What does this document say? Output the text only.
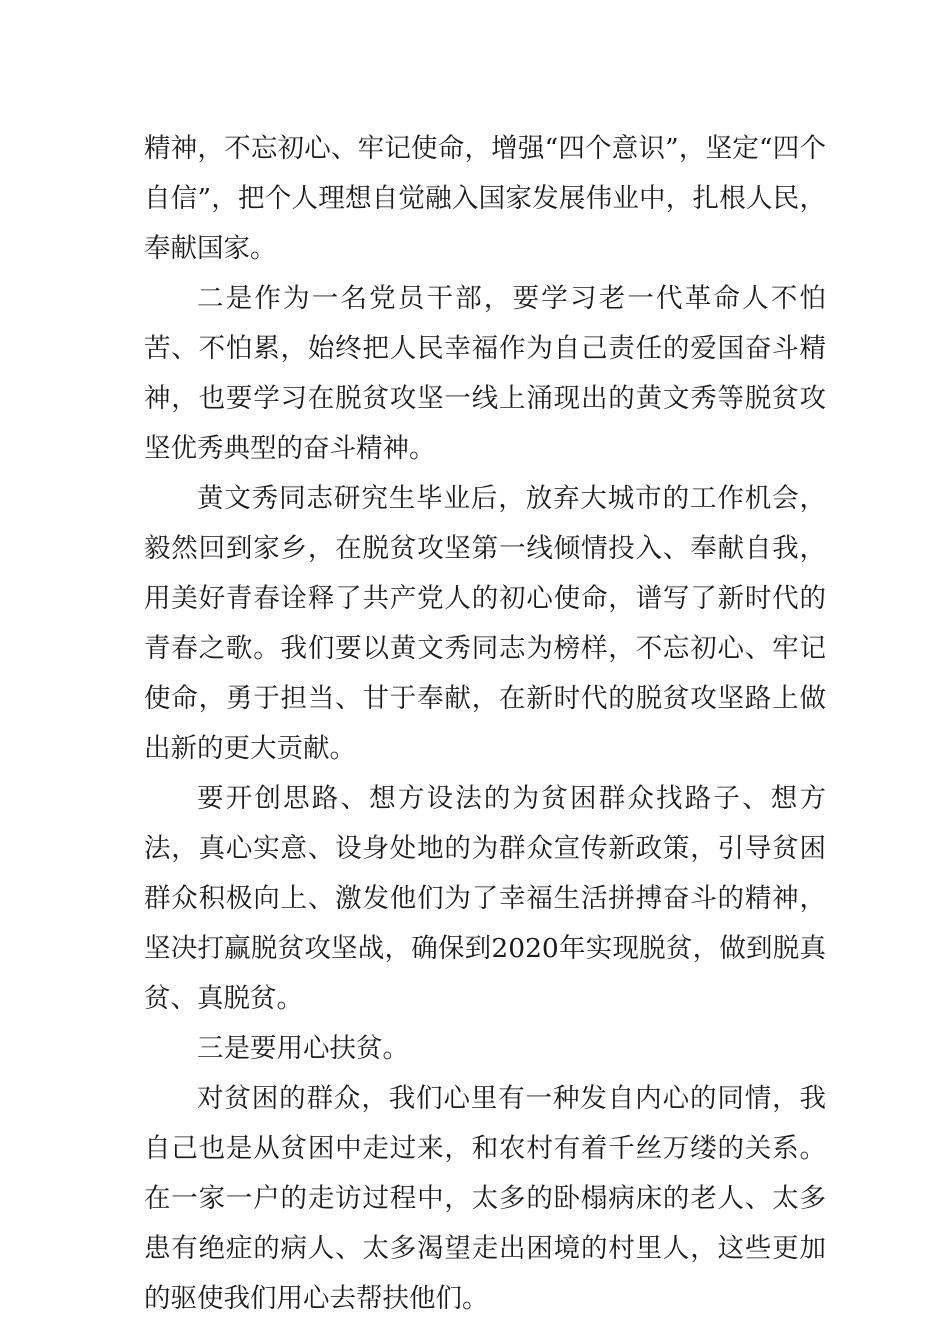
精神，不忘初心、牢记使命，增强“四个意识”，坚定“四个自信”，把个人理想自觉融入国家发展伟业中，扎根人民，奉献国家。

二是作为一名党员干部，要学习老一代革命人不怕苦、不怕累，始终把人民幸福作为自己责任的爱国奋斗精神，也要学习在脱贫攻坚一线上涌现出的黄文秀等脱贫攻坚优秀典型的奋斗精神。

黄文秀同志研究生毕业后，放弃大城市的工作机会，毅然回到家乡，在脱贫攻坚第一线倾情投入、奉献自我，用美好青春诠释了共产党人的初心使命，谱写了新时代的青春之歌。我们要以黄文秀同志为榜样，不忘初心、牢记使命，勇于担当、甘于奉献，在新时代的脱贫攻坚路上做出新的更大贡献。

要开创思路、想方设法的为贫困群众找路子、想方法，真心实意、设身处地的为群众宣传新政策，引导贫困群众积极向上、激发他们为了幸福生活拼搏奋斗的精神，坚决打赢脱贫攻坚战，确保到2020年实现脱贫，做到脱真贫、真脱贫。

三是要用心扶贫。

对贫困的群众，我们心里有一种发自内心的同情，我自己也是从贫困中走过来，和农村有着千丝万缕的关系。在一家一户的走访过程中，太多的卧榻病床的老人、太多患有绝症的病人、太多渴望走出困境的村里人，这些更加的驱使我们用心去帮扶他们。
